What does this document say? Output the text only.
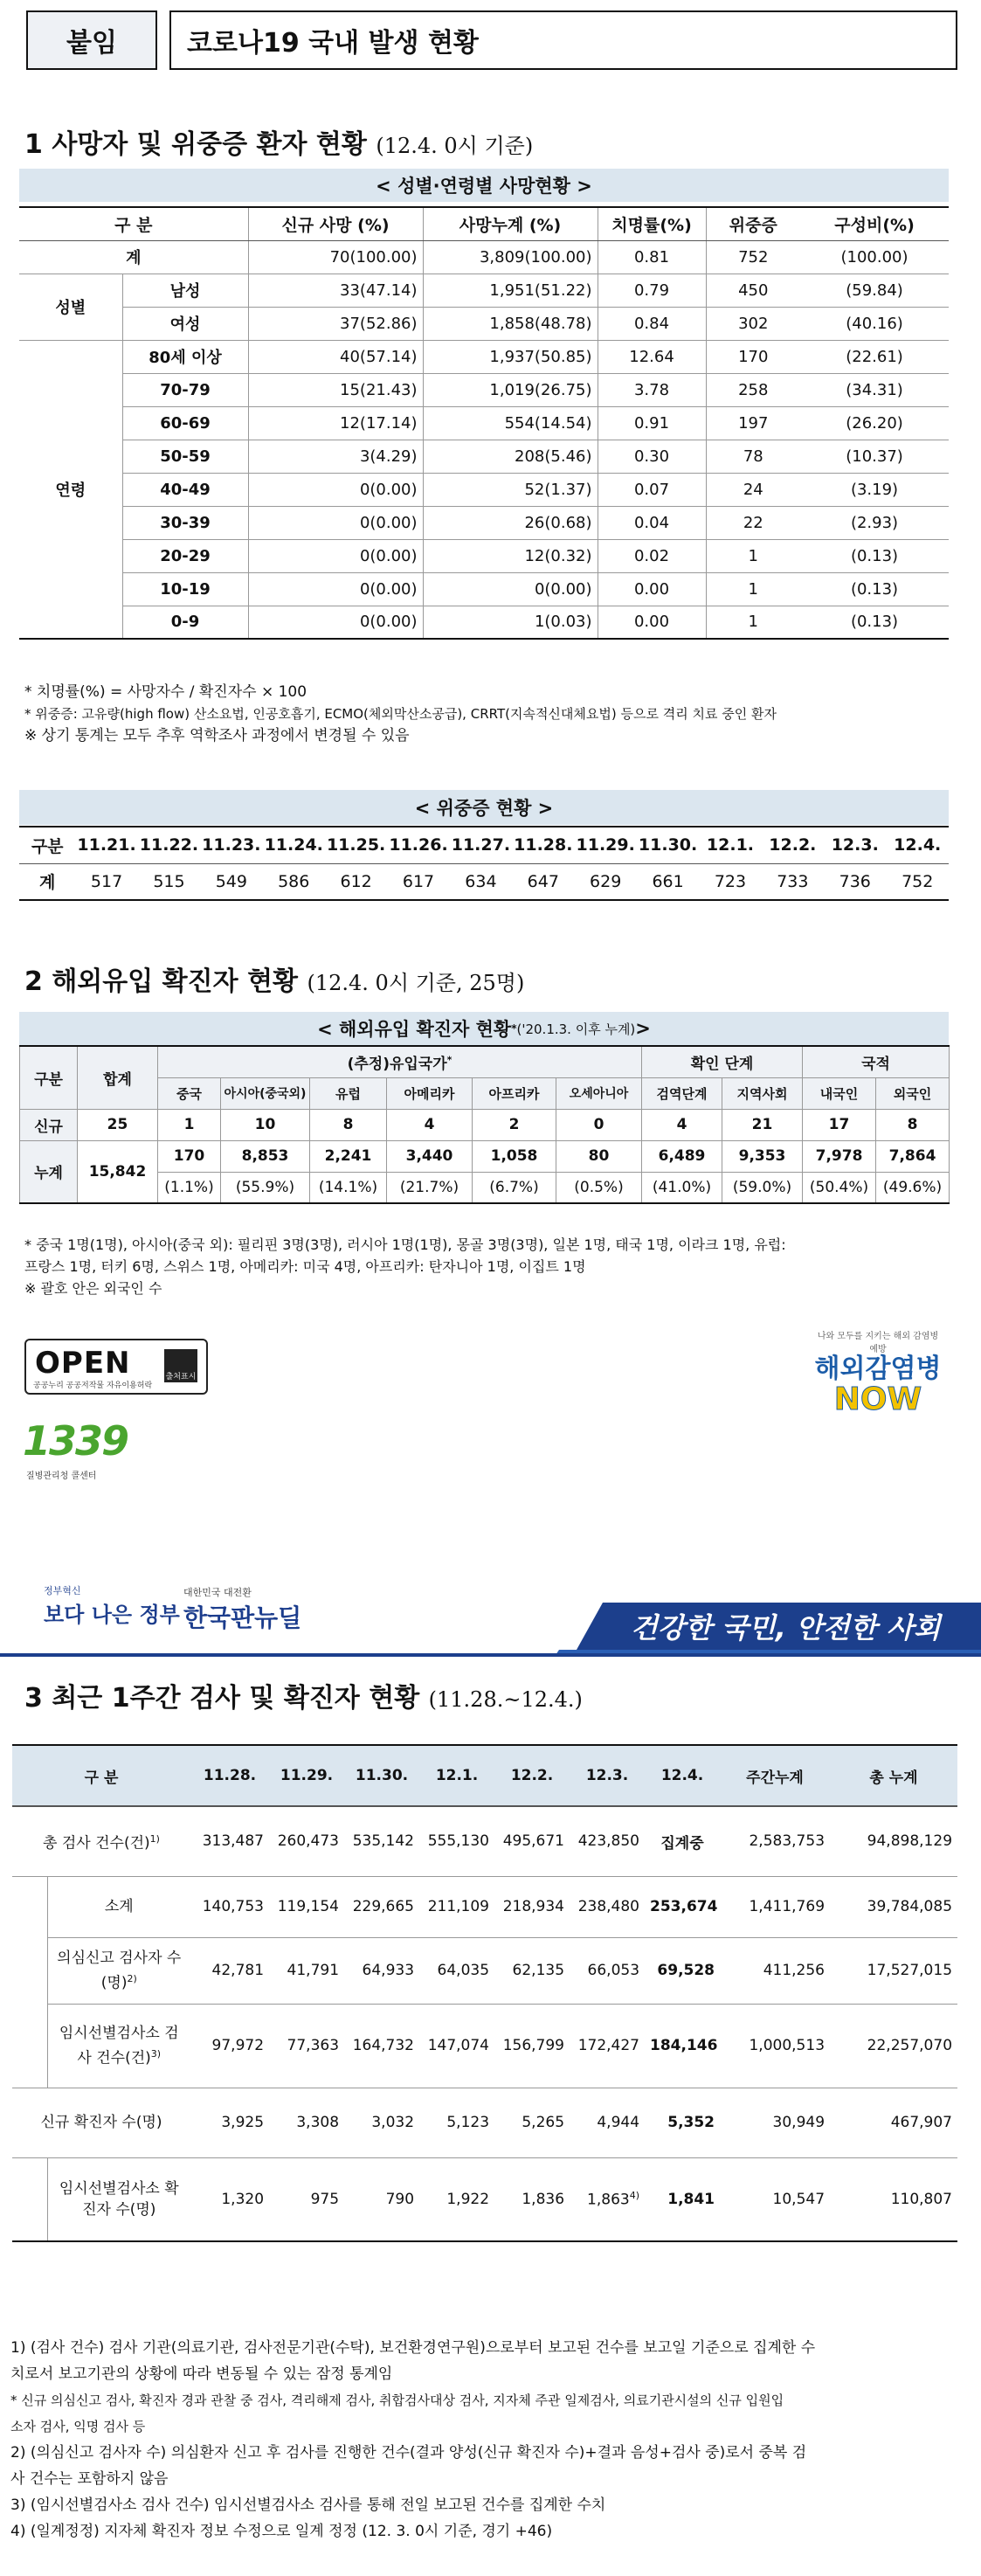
붙임	코로나19 국내 발생 현황
1 사망자 및 위중증 환자 현황 (12.4. 0시 기준)
< 성별·연령별 사망현황 >
구 분		신규 사망 (%)	사망누계 (%)	치명률(%)	위중증	구성비(%)
계		70(100.00)	3,809(100.00)	0.81	752	(100.00)
성별	남성	33(47.14)	1,951(51.22)	0.79	450	(59.84)
	여성	37(52.86)	1,858(48.78)	0.84	302	(40.16)
연령	80세 이상	40(57.14)	1,937(50.85)	12.64	170	(22.61)
	70-79	15(21.43)	1,019(26.75)	3.78	258	(34.31)
	60-69	12(17.14)	554(14.54)	0.91	197	(26.20)
	50-59	3(4.29)	208(5.46)	0.30	78	(10.37)
	40-49	0(0.00)	52(1.37)	0.07	24	(3.19)
	30-39	0(0.00)	26(0.68)	0.04	22	(2.93)
	20-29	0(0.00)	12(0.32)	0.02	1	(0.13)
	10-19	0(0.00)	0(0.00)	0.00	1	(0.13)
	0-9	0(0.00)	1(0.03)	0.00	1	(0.13)
* 치명률(%) = 사망자수 / 확진자수 × 100
* 위중증: 고유량(high flow) 산소요법, 인공호흡기, ECMO(체외막산소공급), CRRT(지속적신대체요법) 등으로 격리 치료 중인 환자
※ 상기 통계는 모두 추후 역학조사 과정에서 변경될 수 있음
< 위중증 현황 >
구분	11.21.	11.22.	11.23.	11.24.	11.25.	11.26.	11.27.	11.28.	11.29.	11.30.	12.1.	12.2.	12.3.	12.4.
계	517	515	549	586	612	617	634	647	629	661	723	733	736	752
2 해외유입 확진자 현황 (12.4. 0시 기준, 25명)
< 해외유입 확진자 현황 * ('20.1.3. 이후 누계) >
구분	합계	(추정)유입국가*						확인 단계		국적	
		중국	아시아(중국외)	유럽	아메리카	아프리카	오세아니아	검역단계	지역사회	내국인	외국인
신규	25	1	10	8	4	2	0	4	21	17	8
누계	15,842	170	8,853	2,241	3,440	1,058	80	6,489	9,353	7,978	7,864
		(1.1%)	(55.9%)	(14.1%)	(21.7%)	(6.7%)	(0.5%)	(41.0%)	(59.0%)	(50.4%)	(49.6%)
* 중국 1명(1명), 아시아(중국 외): 필리핀 3명(3명), 러시아 1명(1명), 몽골 3명(3명), 일본 1명, 태국 1명, 이라크 1명, 유럽:
프랑스 1명, 터키 6명, 스위스 1명, 아메리카: 미국 4명, 아프리카: 탄자니아 1명, 이집트 1명
※ 괄호 안은 외국인 수
OPEN	출처표시
공공누리 공공저작물 자유이용허락
1339
질병관리청 콜센터
나와 모두를 지키는 해외 감염병 예방
해외감염병
NOW
정부혁신
보다 나은 정부
대한민국 대전환
한국판뉴딜	건강한 국민, 안전한 사회
3 최근 1주간 검사 및 확진자 현황 (11.28.~12.4.)
구 분		11.28.	11.29.	11.30.	12.1.	12.2.	12.3.	12.4.	주간누계	총 누계
총 검사 건수(건)$^{1)}$		313,487	260,473	535,142	555,130	495,671	423,850	집계중	2,583,753	94,898,129
	소계	140,753	119,154	229,665	211,109	218,934	238,480	253,674	1,411,769	39,784,085
	의심신고 검사자 수(명)$^{2)}$	42,781	41,791	64,933	64,035	62,135	66,053	69,528	411,256	17,527,015
	임시선별검사소 검사 건수(건)$^{3)}$	97,972	77,363	164,732	147,074	156,799	172,427	184,146	1,000,513	22,257,070
신규 확진자 수(명)		3,925	3,308	3,032	5,123	5,265	4,944	5,352	30,949	467,907
	임시선별검사소 확진자 수(명)	1,320	975	790	1,922	1,836	1,863$^{4)}$	1,841	10,547	110,807
1) (검사 건수) 검사 기관(의료기관, 검사전문기관(수탁), 보건환경연구원)으로부터 보고된 건수를 보고일 기준으로 집계한 수
치로서 보고기관의 상황에 따라 변동될 수 있는 잠정 통계임
* 신규 의심신고 검사, 확진자 경과 관찰 중 검사, 격리해제 검사, 취합검사대상 검사, 지자체 주관 일제검사, 의료기관시설의 신규 입원입
소자 검사, 익명 검사 등
2) (의심신고 검사자 수) 의심환자 신고 후 검사를 진행한 건수(결과 양성(신규 확진자 수)+결과 음성+검사 중)로서 중복 검
사 건수는 포함하지 않음
3) (임시선별검사소 검사 건수) 임시선별검사소 검사를 통해 전일 보고된 건수를 집계한 수치
4) (일계정정) 지자체 확진자 정보 수정으로 일계 정정 (12. 3. 0시 기준, 경기 +46)
